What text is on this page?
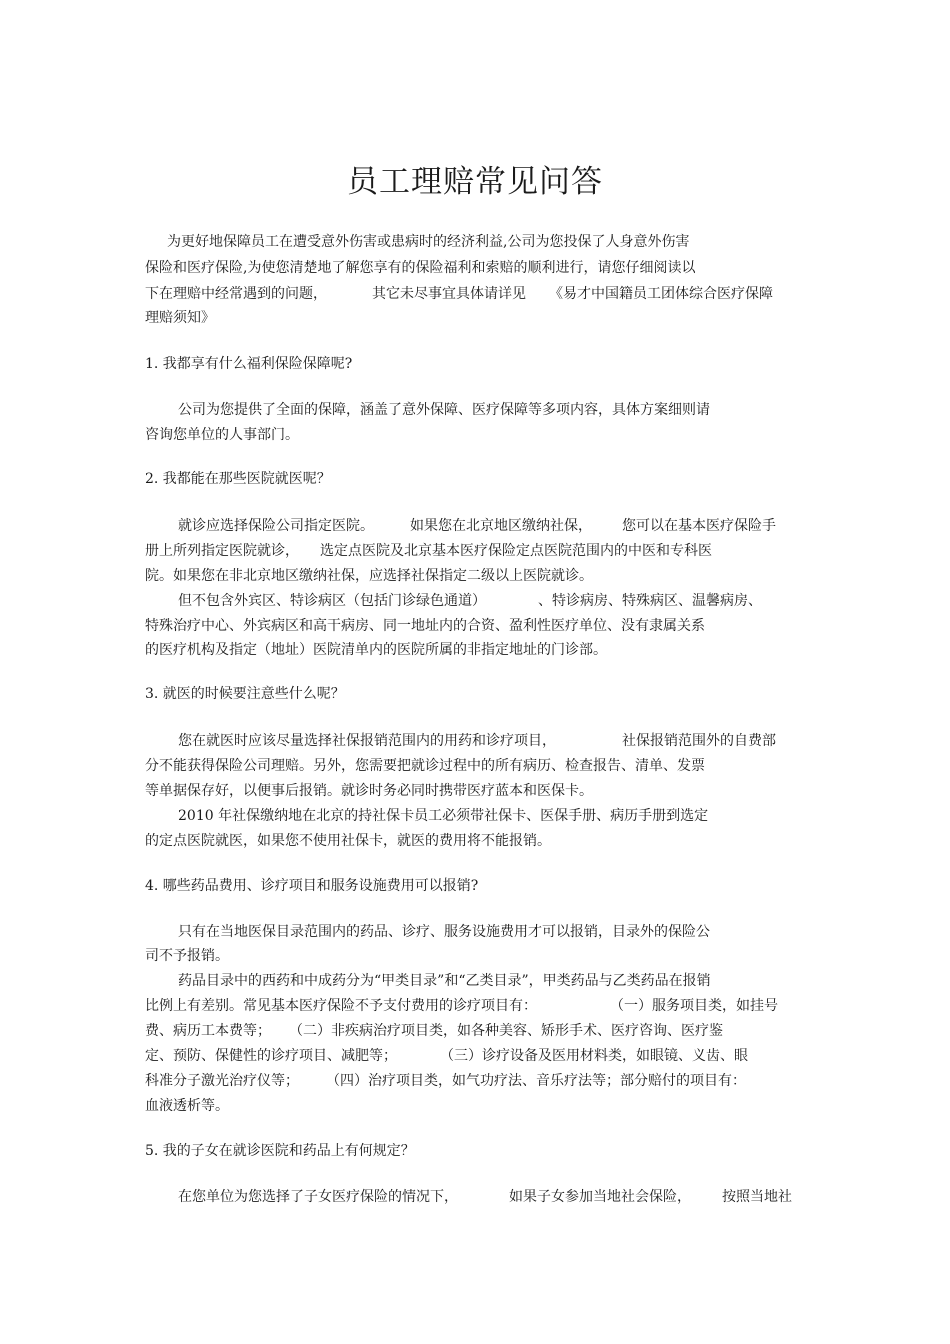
员工理赔常见问答

为更好地保障员工在遭受意外伤害或患病时的经济利益,公司为您投保了人身意外伤害

保险和医疗保险,为使您清楚地了解您享有的保险福利和索赔的顺利进行，请您仔细阅读以

下在理赔中经常遇到的问题，	其它未尽事宜具体请详见 《易才中国籍员工团体综合医疗保障

理赔须知》

1. 我都享有什么福利保险保障呢?

公司为您提供了全面的保障，涵盖了意外保障、医疗保障等多项内容，具体方案细则请

咨询您单位的人事部门。

2. 我都能在那些医院就医呢？

就诊应选择保险公司指定医院。	如果您在北京地区缴纳社保， 您可以在基本医疗保险手

册上所列指定医院就诊， 选定点医院及北京基本医疗保险定点医院范围内的中医和专科医

院。如果您在非北京地区缴纳社保，应选择社保指定二级以上医院就诊。

但不包含外宾区、特诊病区（包括门诊绿色通道）	、特诊病房、特殊病区、温馨病房、

特殊治疗中心、外宾病区和高干病房、同一地址内的合资、盈利性医疗单位、没有隶属关系

的医疗机构及指定（地址）医院清单内的医院所属的非指定地址的门诊部。

3. 就医的时候要注意些什么呢？

您在就医时应该尽量选择社保报销范围内的用药和诊疗项目，	社保报销范围外的自费部

分不能获得保险公司理赔。另外，您需要把就诊过程中的所有病历、检查报告、清单、发票

等单据保存好，以便事后报销。就诊时务必同时携带医疗蓝本和医保卡。

2010 年社保缴纳地在北京的持社保卡员工必须带社保卡、医保手册、病历手册到选定

的定点医院就医，如果您不使用社保卡，就医的费用将不能报销。

4. 哪些药品费用、诊疗项目和服务设施费用可以报销?

只有在当地医保目录范围内的药品、诊疗、服务设施费用才可以报销，目录外的保险公

司不予报销。

药品目录中的西药和中成药分为“甲类目录”和“乙类目录”，甲类药品与乙类药品在报销

比例上有差别。常见基本医疗保险不予支付费用的诊疗项目有：	（一）服务项目类，如挂号

费、病历工本费等； （二）非疾病治疗项目类，如各种美容、矫形手术、医疗咨询、医疗鉴

定、预防、保健性的诊疗项目、减肥等；	（三）诊疗设备及医用材料类，如眼镜、义齿、眼

科准分子激光治疗仪等； （四）治疗项目类，如气功疗法、音乐疗法等；部分赔付的项目有：

血液透析等。

5. 我的子女在就诊医院和药品上有何规定？

在您单位为您选择了子女医疗保险的情况下，	如果子女参加当地社会保险， 按照当地社
